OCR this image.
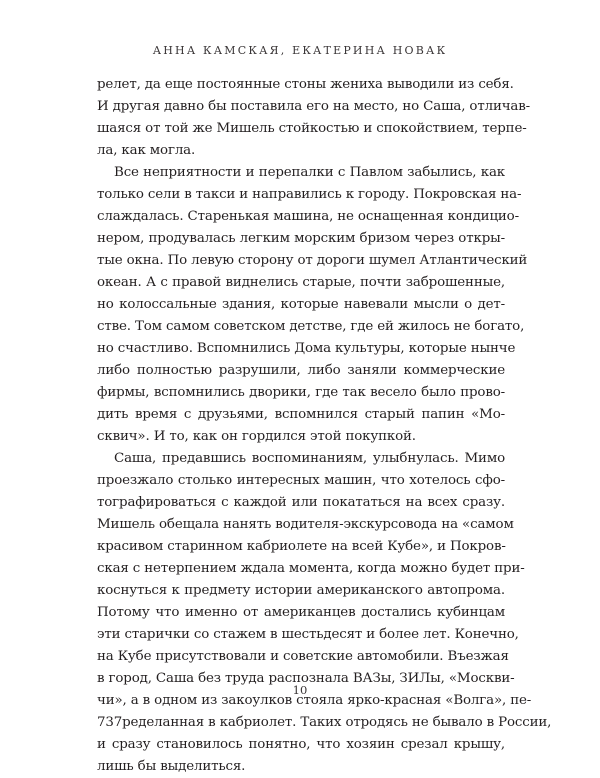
АННА КАМСКАЯ, ЕКАТЕРИНА НОВАК
релет, да еще постоянные стоны жениха выводили из себя.
И другая давно бы поставила его на место, но Саша, отличав-
шаяся от той же Мишель стойкостью и спокойствием, терпе-
ла, как могла.
Все неприятности и перепалки с Павлом забылись, как
только сели в такси и направились к городу. Покровская на-
слаждалась. Старенькая машина, не оснащенная кондицио-
нером, продувалась легким морским бризом через откры-
тые окна. По левую сторону от дороги шумел Атлантический
океан. А с правой виднелись старые, почти заброшенные,
но колоссальные здания, которые навевали мысли о дет-
стве. Том самом советском детстве, где ей жилось не богато,
но счастливо. Вспомнились Дома культуры, которые нынче
либо полностью разрушили, либо заняли коммерческие
фирмы, вспомнились дворики, где так весело было прово-
дить время с друзьями, вспомнился старый папин «Мо-
сквич». И то, как он гордился этой покупкой.
Саша, предавшись воспоминаниям, улыбнулась. Мимо
проезжало столько интересных машин, что хотелось сфо-
тографироваться с каждой или покататься на всех сразу.
Мишель обещала нанять водителя-экскурсовода на «самом
красивом старинном кабриолете на всей Кубе», и Покров-
ская с нетерпением ждала момента, когда можно будет при-
коснуться к предмету истории американского автопрома.
Потому что именно от американцев достались кубинцам
эти старички со стажем в шестьдесят и более лет. Конечно,
на Кубе присутствовали и советские автомобили. Въезжая
в город, Саша без труда распознала ВАЗы, ЗИЛы, «Москви-
чи», а в одном из закоулков стояла ярко-красная «Волга», пе-
737ределанная в кабриолет. Таких отродясь не бывало в России,
и сразу становилось понятно, что хозяин срезал крышу,
лишь бы выделиться.
10
